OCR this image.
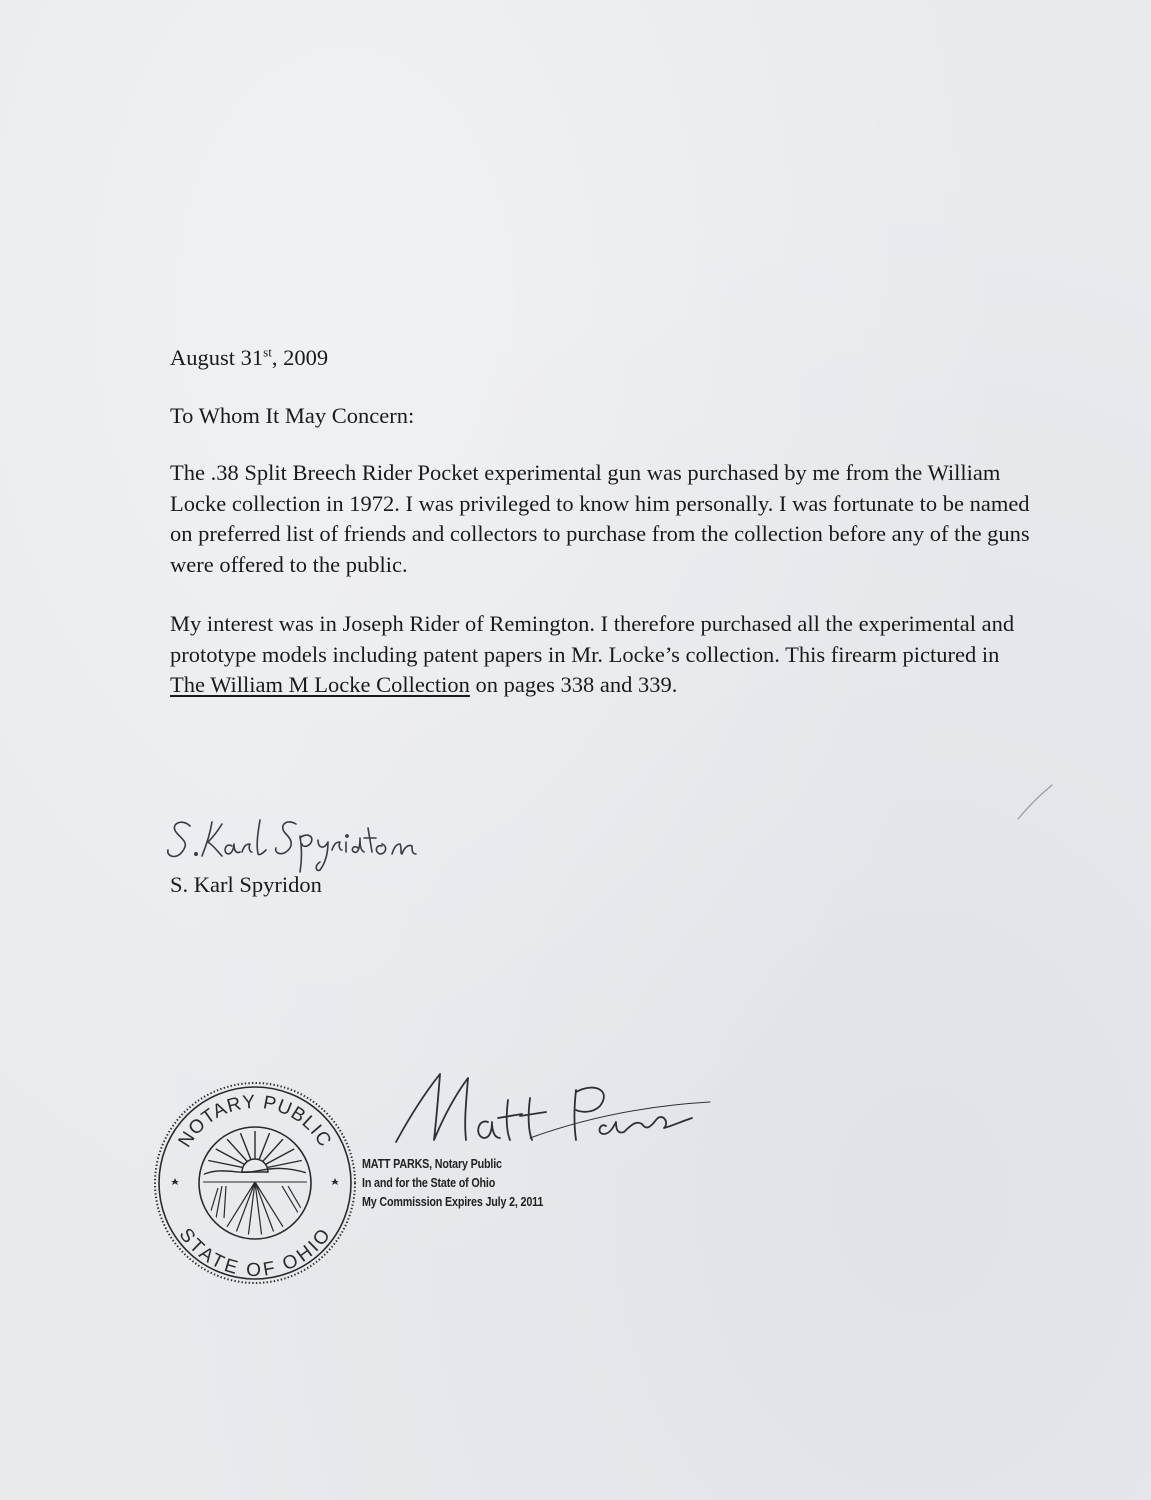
August 31st, 2009

To Whom It May Concern:

The .38 Split Breech Rider Pocket experimental gun was purchased by me from the William Locke collection in 1972. I was privileged to know him personally. I was fortunate to be named on preferred list of friends and collectors to purchase from the collection before any of the guns were offered to the public.

My interest was in Joseph Rider of Remington. I therefore purchased all the experimental and prototype models including patent papers in Mr. Locke’s collection. This firearm pictured in The William M Locke Collection on pages 338 and 339.

S. Karl Spyridon
NOTARY PUBLIC
STATE OF OHIO
MATT PARKS, Notary Public
In and for the State of Ohio
My Commission Expires July 2, 2011
